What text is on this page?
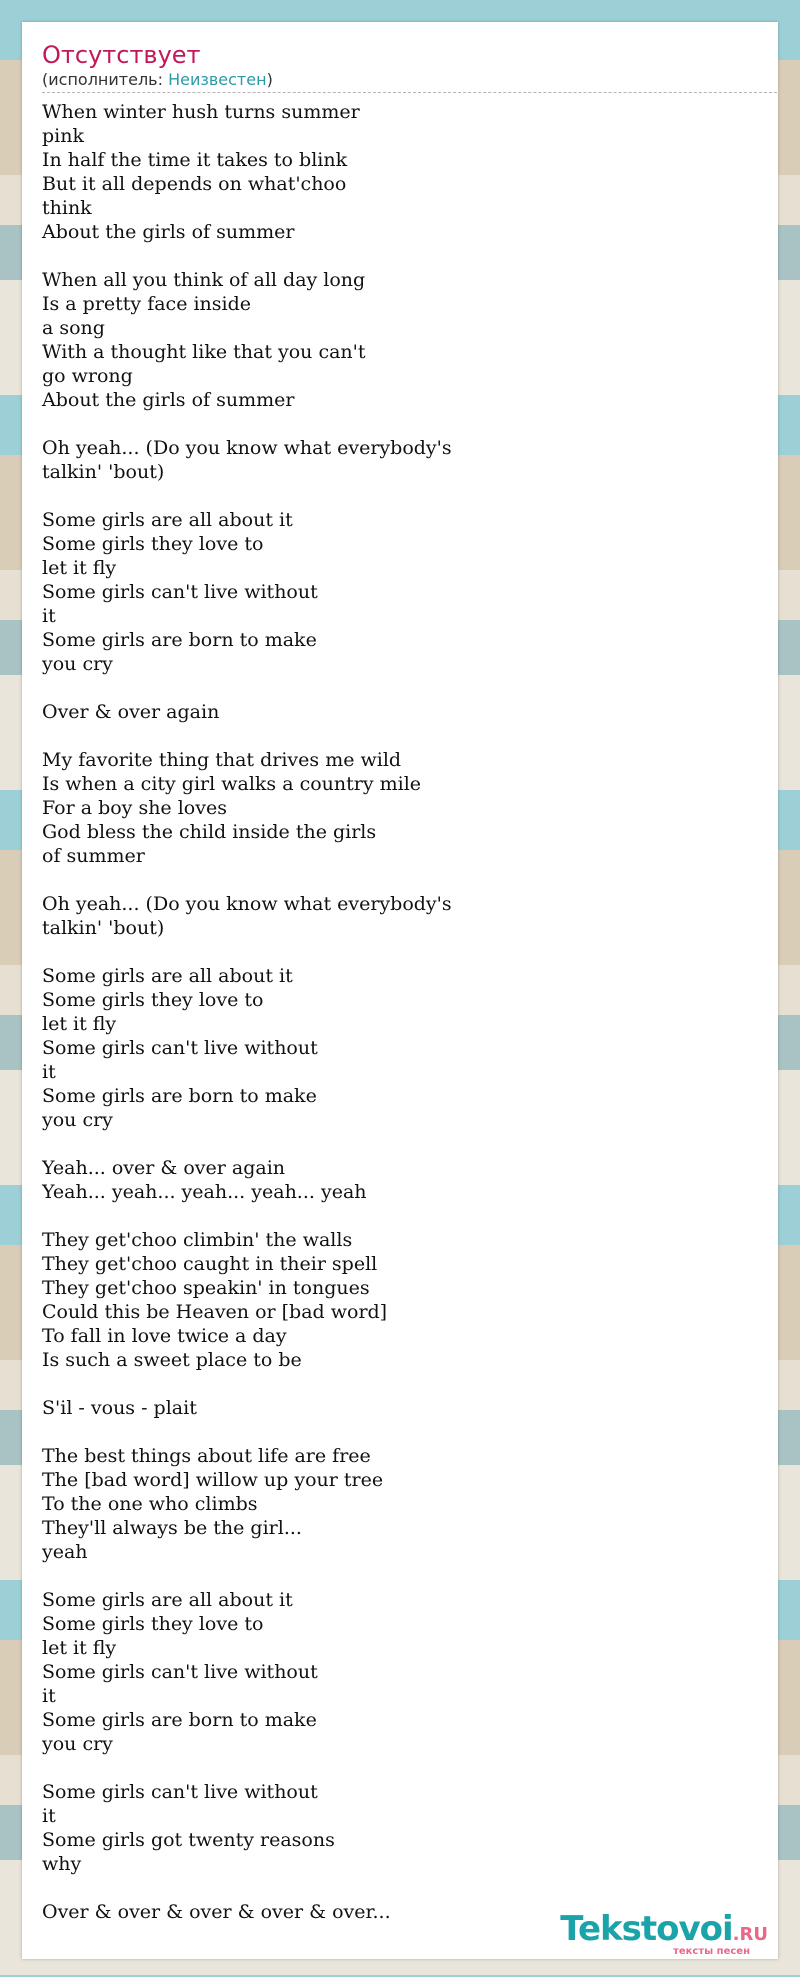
Отсутствует
(исполнитель: Неизвестен)
When winter hush turns summer
pink
In half the time it takes to blink
But it all depends on what'choo
think
About the girls of summer
When all you think of all day long
Is a pretty face inside
a song
With a thought like that you can't
go wrong
About the girls of summer
Oh yeah... (Do you know what everybody's
talkin' 'bout)
Some girls are all about it
Some girls they love to
let it fly
Some girls can't live without
it
Some girls are born to make
you cry
Over & over again
My favorite thing that drives me wild
Is when a city girl walks a country mile
For a boy she loves
God bless the child inside the girls
of summer
Oh yeah... (Do you know what everybody's
talkin' 'bout)
Some girls are all about it
Some girls they love to
let it fly
Some girls can't live without
it
Some girls are born to make
you cry
Yeah... over & over again
Yeah... yeah... yeah... yeah... yeah
They get'choo climbin' the walls
They get'choo caught in their spell
They get'choo speakin' in tongues
Could this be Heaven or [bad word]
To fall in love twice a day
Is such a sweet place to be
S'il - vous - plait
The best things about life are free
The [bad word] willow up your tree
To the one who climbs
They'll always be the girl...
yeah
Some girls are all about it
Some girls they love to
let it fly
Some girls can't live without
it
Some girls are born to make
you cry
Some girls can't live without
it
Some girls got twenty reasons
why
Over & over & over & over & over...	Tekstovoi.RU
тексты песен
